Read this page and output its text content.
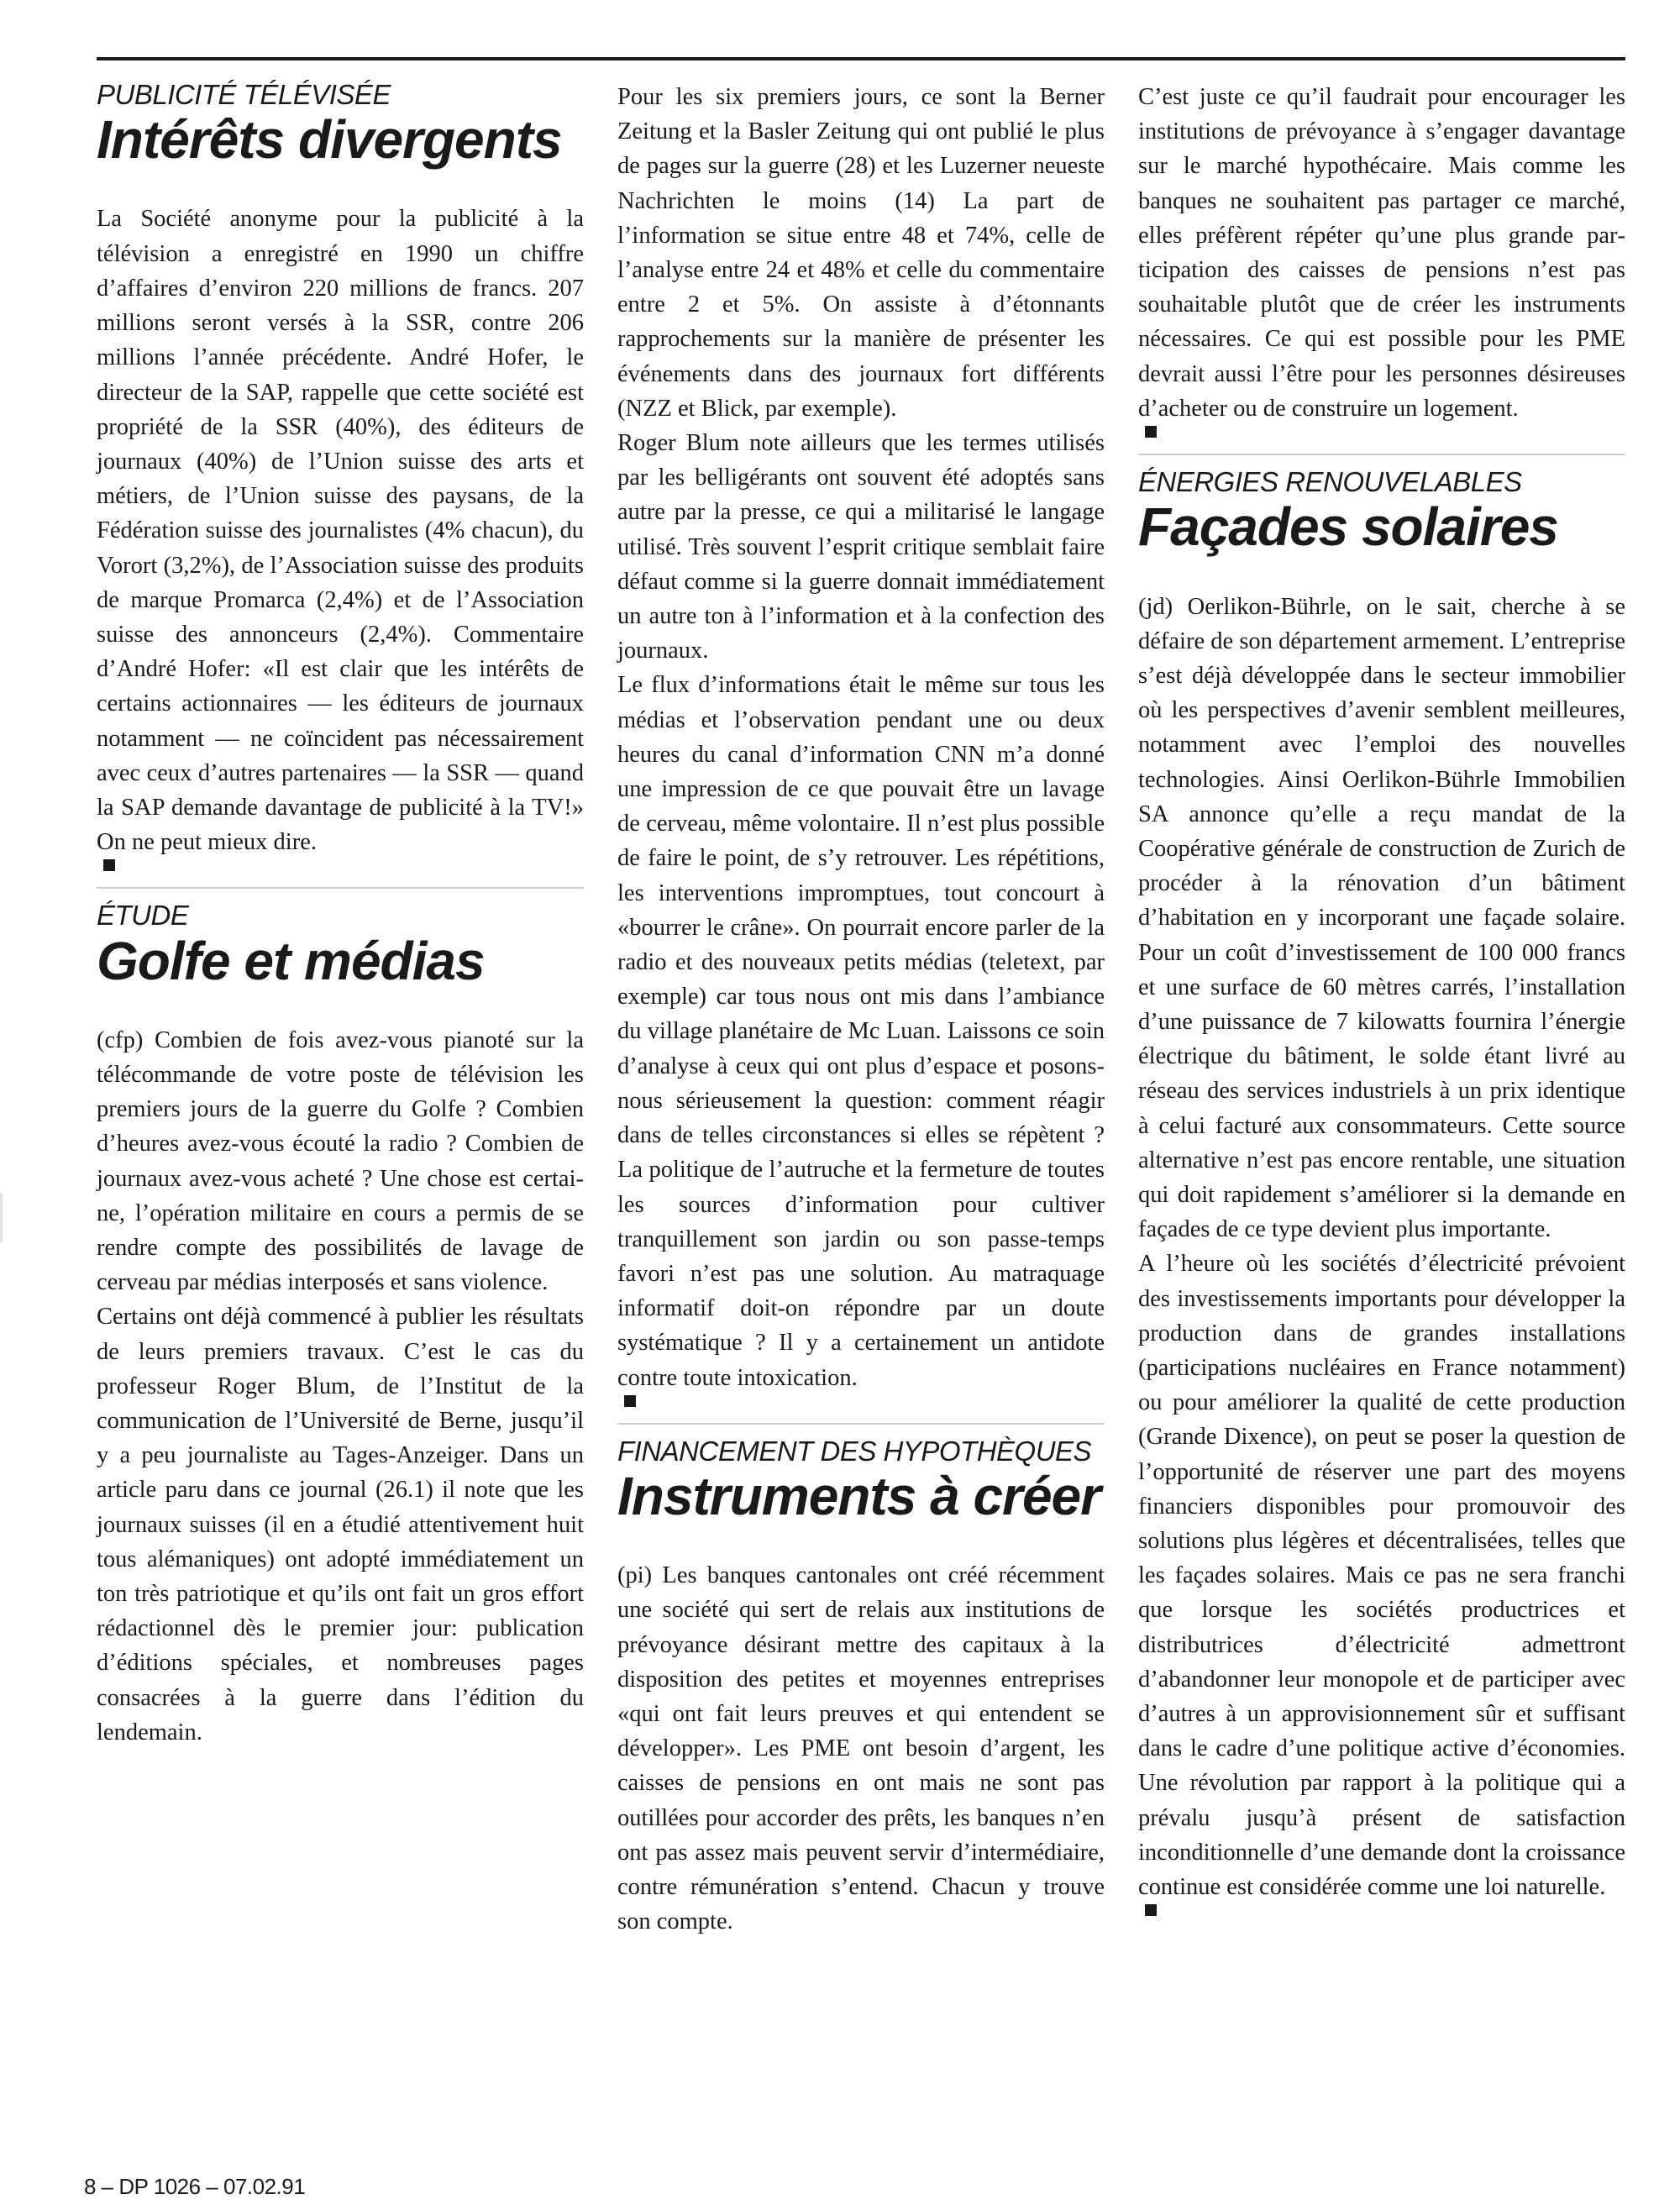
PUBLICITÉ TÉLÉVISÉE

Intérêts divergents

La Société anonyme pour la publicité à la télévision a enregistré en 1990 un chiffre d’affaires d’environ 220 millions de francs. 207 millions seront versés à la SSR, contre 206 millions l’année précédente. André Hofer, le directeur de la SAP, rappelle que cette société est propriété de la SSR (40%), des éditeurs de journaux (40%) de l’Union suisse des arts et métiers, de l’Union suisse des paysans, de la Fédération suisse des journalistes (4% chacun), du Vorort (3,2%), de l’Association suisse des produits de marque Promarca (2,4%) et de l’Association suisse des annonceurs (2,4%). Commentaire d’André Hofer: «Il est clair que les intérêts de certains actionnaires — les éditeurs de journaux notamment — ne coïncident pas nécessairement avec ceux d’autres partenaires — la SSR — quand la SAP demande davantage de publicité à la TV!» On ne peut mieux dire.

ÉTUDE

Golfe et médias

(cfp) Combien de fois avez-vous pianoté sur la télécommande de votre poste de télévision les premiers jours de la guerre du Golfe ? Combien d’heures avez-vous écouté la radio ? Combien de journaux avez-vous acheté ? Une chose est certaine, l’opération militaire en cours a permis de se rendre compte des possibilités de lavage de cerveau par médias interposés et sans violence.

Certains ont déjà commencé à publier les résultats de leurs premiers travaux. C’est le cas du professeur Roger Blum, de l’Institut de la communication de l’Université de Berne, jusqu’il y a peu journaliste au Tages-Anzeiger. Dans un article paru dans ce journal (26.1) il note que les journaux suisses (il en a étudié attentivement huit tous alémaniques) ont adopté immédiatement un ton très patriotique et qu’ils ont fait un gros effort rédactionnel dès le premier jour: publication d’éditions spéciales, et nombreuses pages consacrées à la guerre dans l’édition du lendemain.

Pour les six premiers jours, ce sont la Berner Zeitung et la Basler Zeitung qui ont publié le plus de pages sur la guerre (28) et les Luzerner neueste Nachrichten le moins (14) La part de l’information se situe entre 48 et 74%, celle de l’analyse entre 24 et 48% et celle du commentaire entre 2 et 5%. On assiste à d’étonnants rapprochements sur la manière de présenter les événements dans des journaux fort différents (NZZ et Blick, par exemple).

Roger Blum note ailleurs que les termes utilisés par les belligérants ont souvent été adoptés sans autre par la presse, ce qui a militarisé le langage utilisé. Très souvent l’esprit critique semblait faire défaut comme si la guerre donnait immédiatement un autre ton à l’information et à la confection des journaux.

Le flux d’informations était le même sur tous les médias et l’observation pendant une ou deux heures du canal d’information CNN m’a donné une impression de ce que pouvait être un lavage de cerveau, même volontaire. Il n’est plus possible de faire le point, de s’y retrouver. Les répétitions, les interventions impromptues, tout concourt à «bourrer le crâne». On pourrait encore parler de la radio et des nouveaux petits médias (teletext, par exemple) car tous nous ont mis dans l’ambiance du village planétaire de Mc Luan. Laissons ce soin d’analyse à ceux qui ont plus d’espace et posons-nous sérieusement la question: comment réagir dans de telles circonstances si elles se répètent ? La politique de l’autruche et la fermeture de toutes les sources d’information pour cultiver tranquillement son jardin ou son passe-temps favori n’est pas une solution. Au matraquage informatif doit-on répondre par un doute systématique ? Il y a certainement un antidote contre toute intoxication.

FINANCEMENT DES HYPOTHÈQUES

Instruments à créer

(pi) Les banques cantonales ont créé récemment une société qui sert de relais aux institutions de prévoyance désirant mettre des capitaux à la disposition des petites et moyennes entreprises «qui ont fait leurs preuves et qui entendent se développer». Les PME ont besoin d’argent, les caisses de pensions en ont mais ne sont pas outillées pour accorder des prêts, les banques n’en ont pas assez mais peuvent servir d’intermédiaire, contre rémunération s’entend. Chacun y trouve son compte.

C’est juste ce qu’il faudrait pour encourager les institutions de prévoyance à s’engager davantage sur le marché hypothécaire. Mais comme les banques ne souhaitent pas partager ce marché, elles préfèrent répéter qu’une plus grande participation des caisses de pensions n’est pas souhaitable plutôt que de créer les instruments nécessaires. Ce qui est possible pour les PME devrait aussi l’être pour les personnes désireuses d’acheter ou de construire un logement.

ÉNERGIES RENOUVELABLES

Façades solaires

(jd) Oerlikon-Bührle, on le sait, cherche à se défaire de son département armement. L’entreprise s’est déjà développée dans le secteur immobilier où les perspectives d’avenir semblent meilleures, notamment avec l’emploi des nouvelles technologies. Ainsi Oerlikon-Bührle Immobilien SA annonce qu’elle a reçu mandat de la Coopérative générale de construction de Zurich de procéder à la rénovation d’un bâtiment d’habitation en y incorporant une façade solaire. Pour un coût d’investissement de 100 000 francs et une surface de 60 mètres carrés, l’installation d’une puissance de 7 kilowatts fournira l’énergie électrique du bâtiment, le solde étant livré au réseau des services industriels à un prix identique à celui facturé aux consommateurs. Cette source alternative n’est pas encore rentable, une situation qui doit rapidement s’améliorer si la demande en façades de ce type devient plus importante.

A l’heure où les sociétés d’électricité prévoient des investissements importants pour développer la production dans de grandes installations (participations nucléaires en France notamment) ou pour améliorer la qualité de cette production (Grande Dixence), on peut se poser la question de l’opportunité de réserver une part des moyens financiers disponibles pour promouvoir des solutions plus légères et décentralisées, telles que les façades solaires. Mais ce pas ne sera franchi que lorsque les sociétés productrices et distributrices d’électricité admettront d’abandonner leur monopole et de participer avec d’autres à un approvisionnement sûr et suffisant dans le cadre d’une politique active d’économies. Une révolution par rapport à la politique qui a prévalu jusqu’à présent de satisfaction inconditionnelle d’une demande dont la croissance continue est considérée comme une loi naturelle.

8 – DP 1026 – 07.02.91
